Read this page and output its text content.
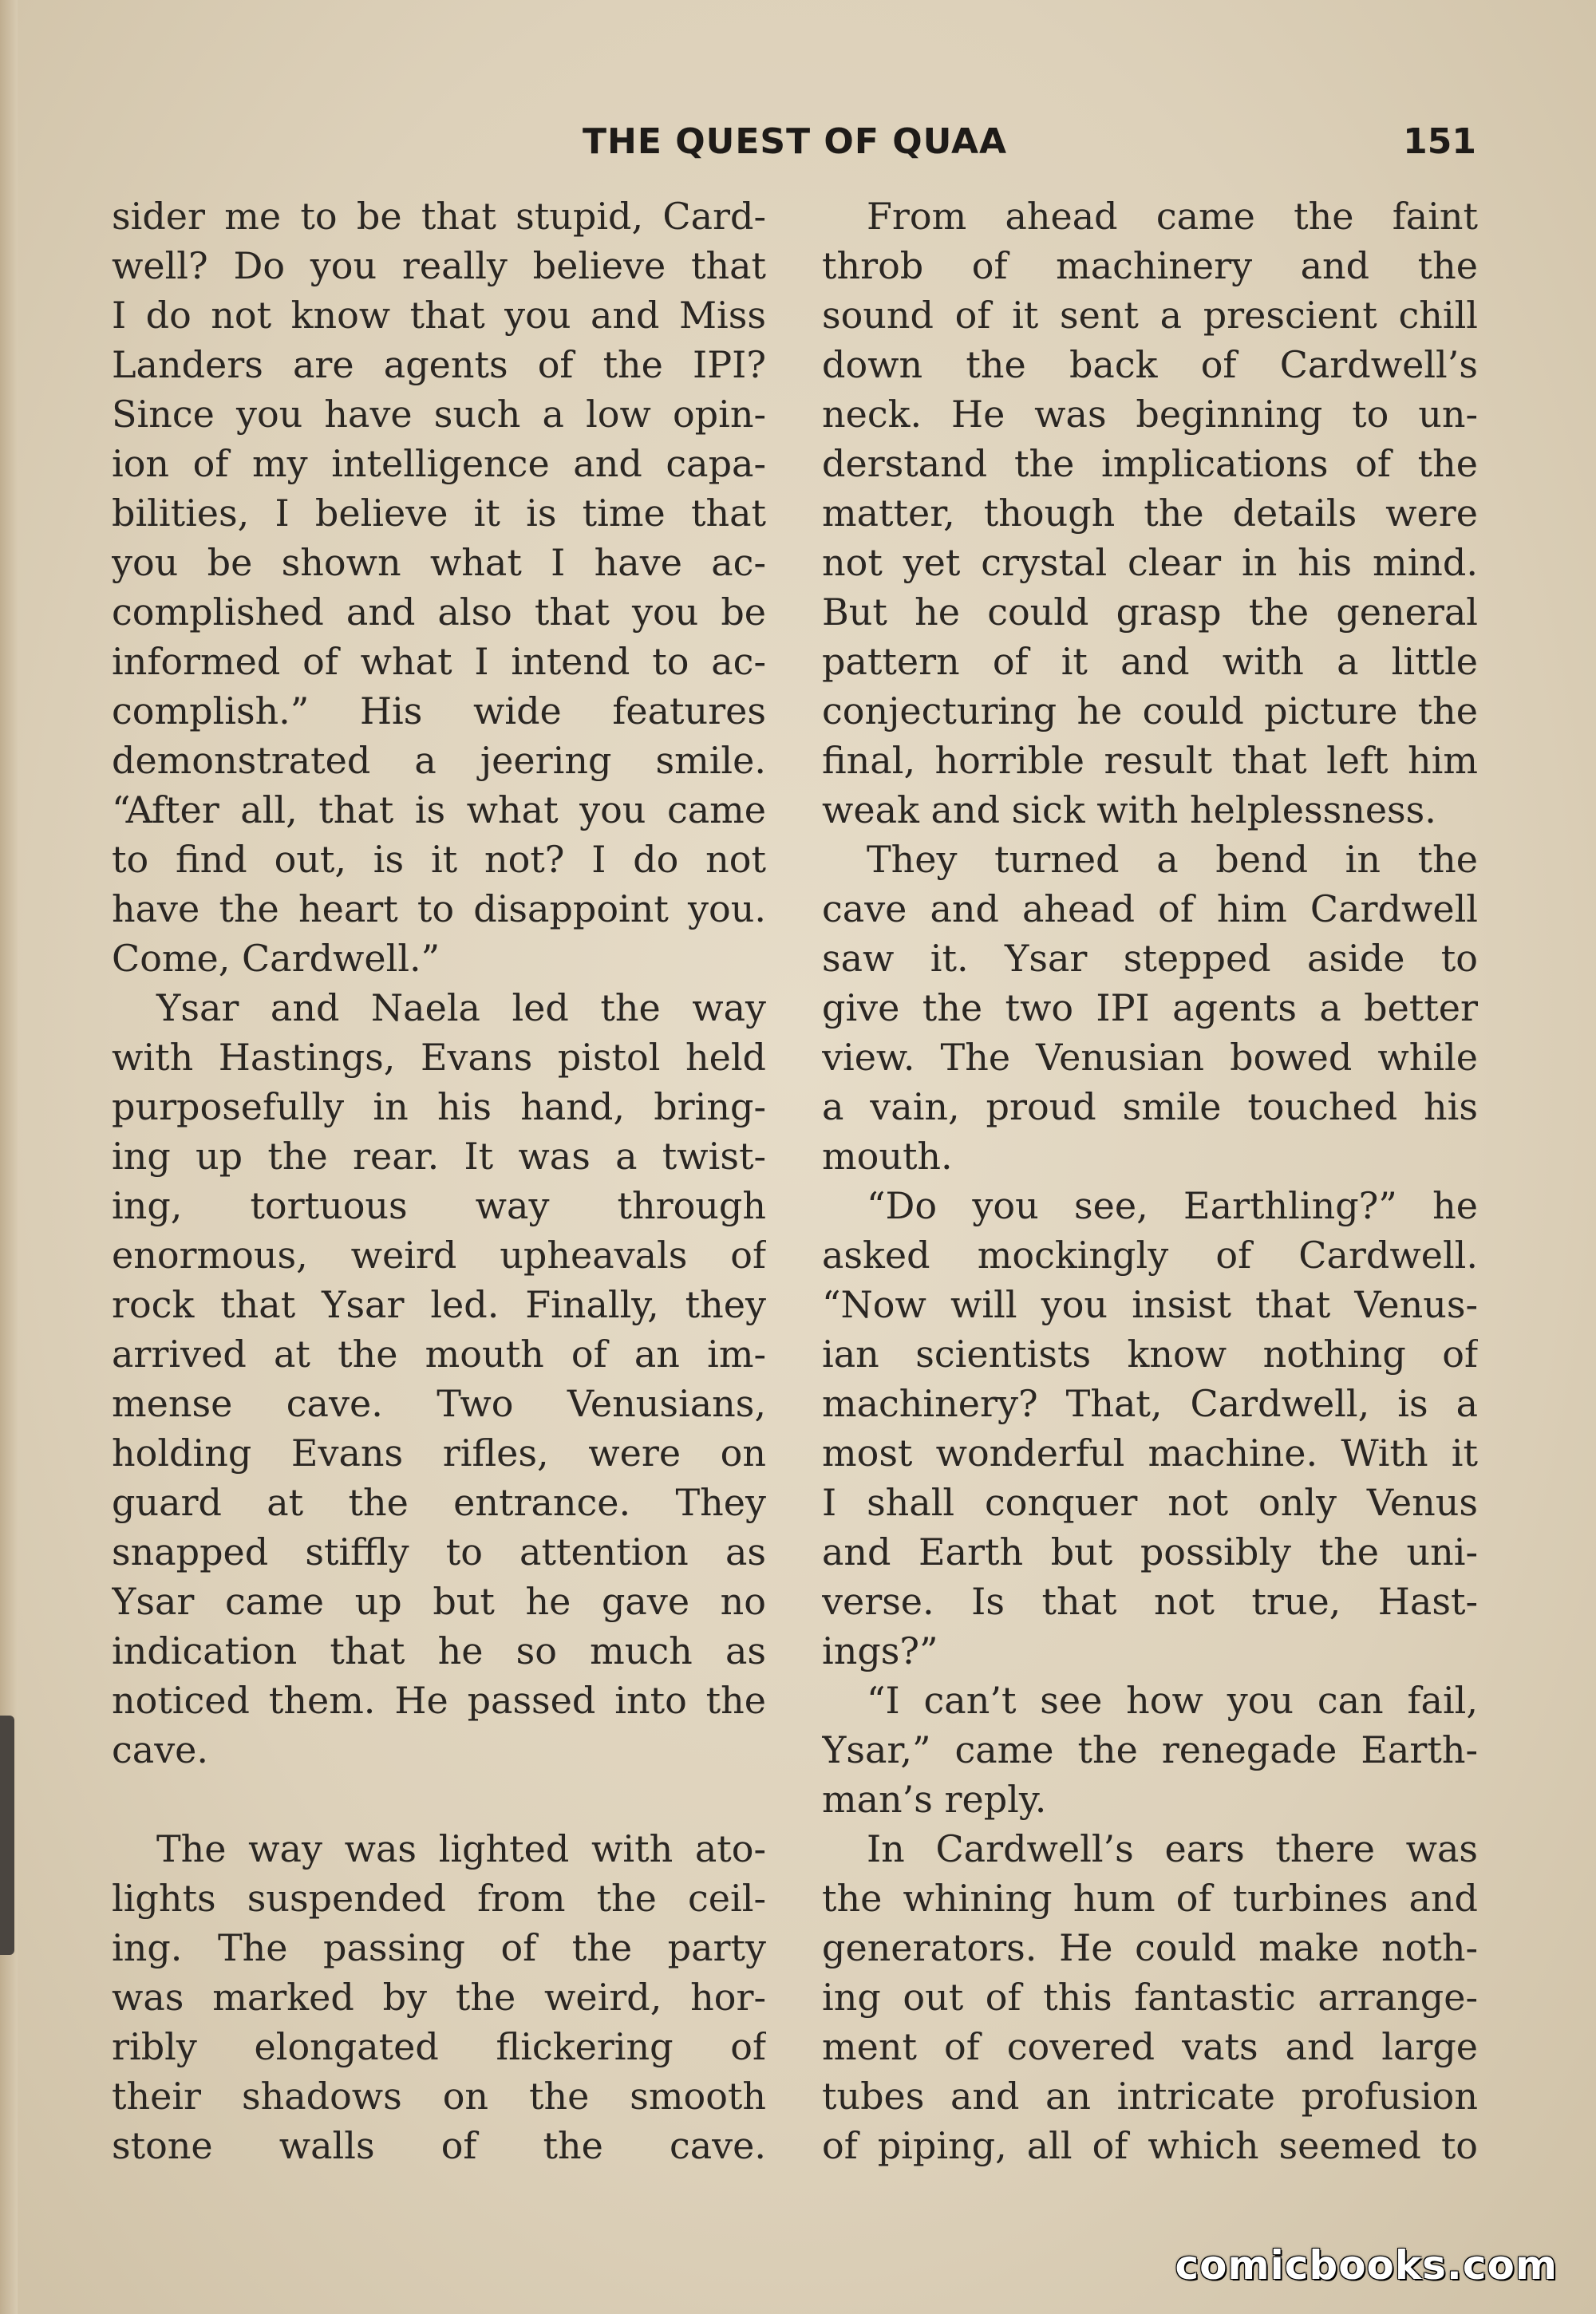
THE QUEST OF QUAA	151
sider me to be that stupid, Card-
well? Do you really believe that
I do not know that you and Miss
Landers are agents of the IPI?
Since you have such a low opin-
ion of my intelligence and capa-
bilities, I believe it is time that
you be shown what I have ac-
complished and also that you be
informed of what I intend to ac-
complish.” His wide features
demonstrated a jeering smile.
“After all, that is what you came
to find out, is it not? I do not
have the heart to disappoint you.
Come, Cardwell.”
Ysar and Naela led the way
with Hastings, Evans pistol held
purposefully in his hand, bring-
ing up the rear. It was a twist-
ing, tortuous way through
enormous, weird upheavals of
rock that Ysar led. Finally, they
arrived at the mouth of an im-
mense cave. Two Venusians,
holding Evans rifles, were on
guard at the entrance. They
snapped stiffly to attention as
Ysar came up but he gave no
indication that he so much as
noticed them. He passed into the
cave.
The way was lighted with ato-
lights suspended from the ceil-
ing. The passing of the party
was marked by the weird, hor-
ribly elongated flickering of
their shadows on the smooth
stone walls of the cave.
From ahead came the faint
throb of machinery and the
sound of it sent a prescient chill
down the back of Cardwell’s
neck. He was beginning to un-
derstand the implications of the
matter, though the details were
not yet crystal clear in his mind.
But he could grasp the general
pattern of it and with a little
conjecturing he could picture the
final, horrible result that left him
weak and sick with helplessness.
They turned a bend in the
cave and ahead of him Cardwell
saw it. Ysar stepped aside to
give the two IPI agents a better
view. The Venusian bowed while
a vain, proud smile touched his
mouth.
“Do you see, Earthling?” he
asked mockingly of Cardwell.
“Now will you insist that Venus-
ian scientists know nothing of
machinery? That, Cardwell, is a
most wonderful machine. With it
I shall conquer not only Venus
and Earth but possibly the uni-
verse. Is that not true, Hast-
ings?”
“I can’t see how you can fail,
Ysar,” came the renegade Earth-
man’s reply.
In Cardwell’s ears there was
the whining hum of turbines and
generators. He could make noth-
ing out of this fantastic arrange-
ment of covered vats and large
tubes and an intricate profusion
of piping, all of which seemed to
comicbooks.com
